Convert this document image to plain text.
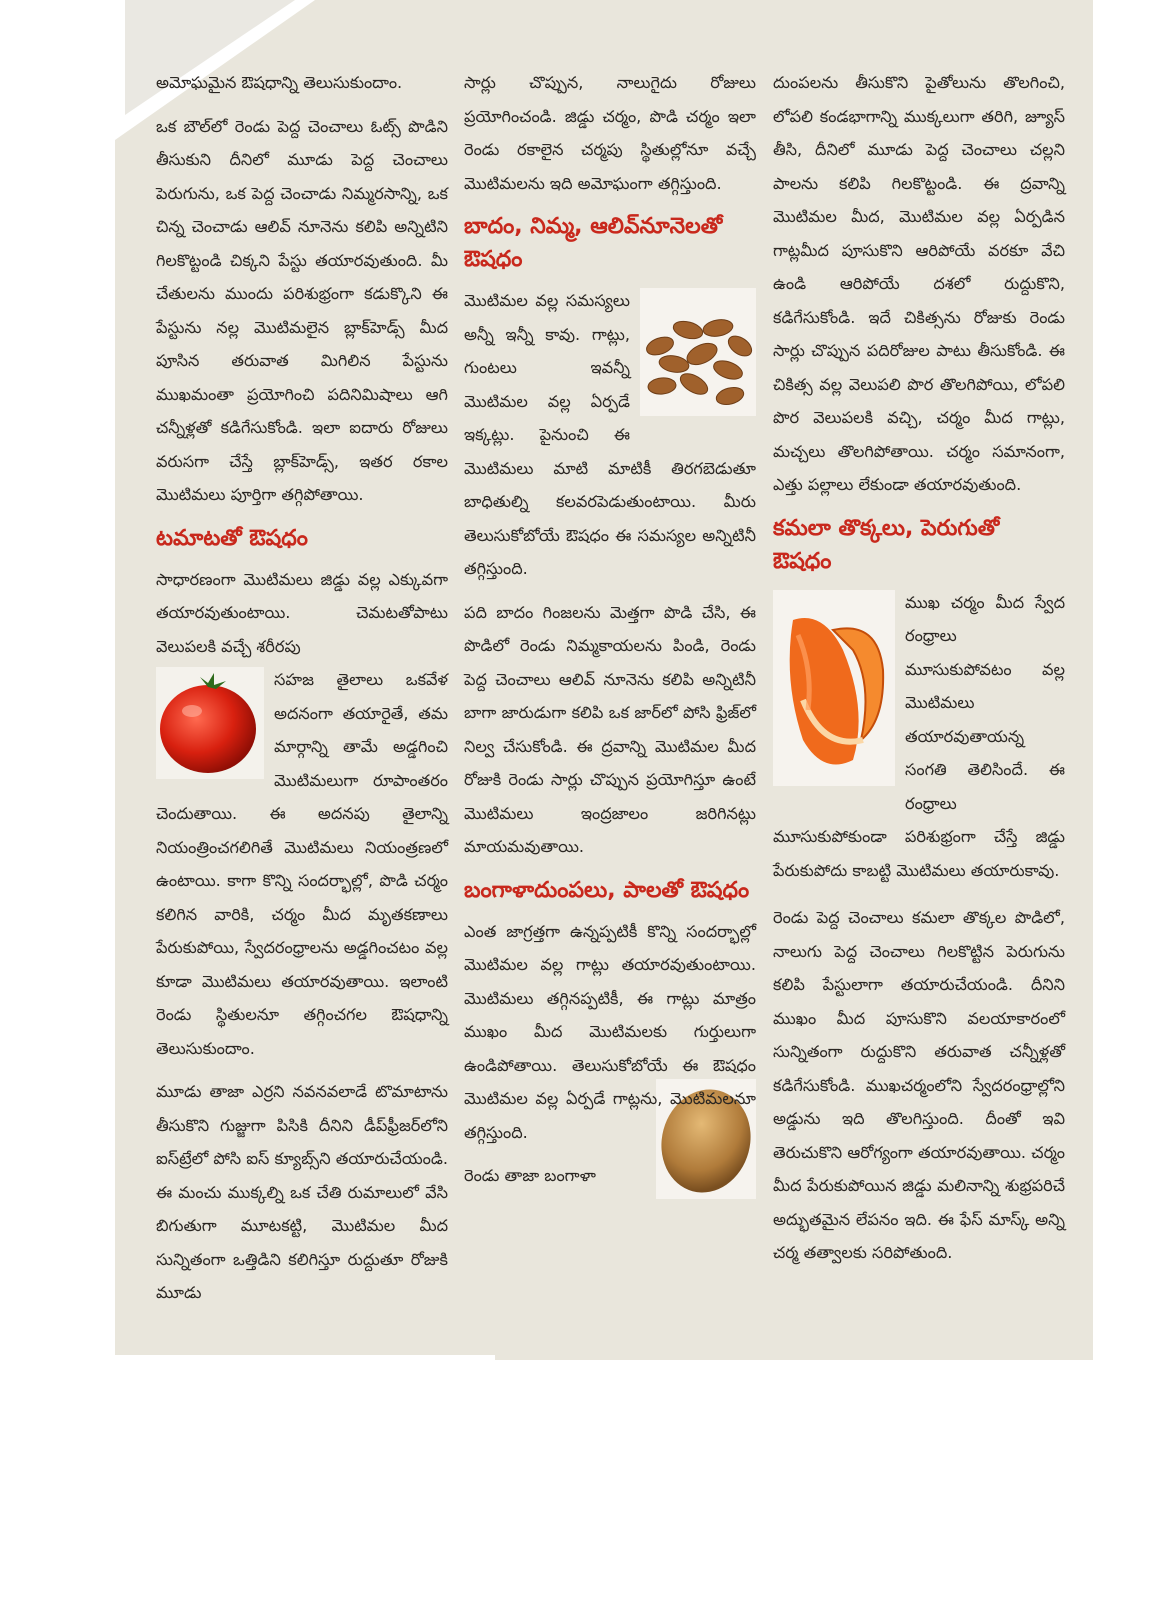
అమోఘమైన ఔషధాన్ని తెలుసుకుందాం.

ఒక బౌల్‌లో రెండు పెద్ద చెంచాలు ఓట్స్ పొడిని తీసుకుని దీనిలో మూడు పెద్ద చెంచాలు పెరుగును, ఒక పెద్ద చెంచాడు నిమ్మరసాన్ని, ఒక చిన్న చెంచాడు ఆలివ్ నూనెను కలిపి అన్నిటిని గిలకొట్టండి చిక్కని పేస్టు తయారవుతుంది. మీ చేతులను ముందు పరిశుభ్రంగా కడుక్కొని ఈ పేస్టును నల్ల మొటిమలైన బ్లాక్‌హెడ్స్ మీద పూసిన తరువాత మిగిలిన పేస్టును ముఖమంతా ప్రయోగించి పదినిమిషాలు ఆగి చన్నీళ్లతో కడిగేసుకోండి. ఇలా ఐదారు రోజులు వరుసగా చేస్తే బ్లాక్‌హెడ్స్, ఇతర రకాల మొటిమలు పూర్తిగా తగ్గిపోతాయి.

టమాటతో ఔషధం

సాధారణంగా మొటిమలు జిడ్డు వల్ల ఎక్కువగా తయారవుతుంటాయి. చెమటతోపాటు వెలుపలకి వచ్చే శరీరపు

సహజ తైలాలు ఒకవేళ అదనంగా తయారైతే, తమ మార్గాన్ని తామే అడ్డగించి మొటిమలుగా రూపాంతరం చెందుతాయి. ఈ అదనపు తైలాన్ని నియంత్రించగలిగితే మొటిమలు నియంత్రణలో ఉంటాయి. కాగా కొన్ని సందర్భాల్లో, పొడి చర్మం కలిగిన వారికి, చర్మం మీద మృతకణాలు పేరుకుపోయి, స్వేదరంధ్రాలను అడ్డగించటం వల్ల కూడా మొటిమలు తయారవుతాయి. ఇలాంటి రెండు స్థితులనూ తగ్గించగల ఔషధాన్ని తెలుసుకుందాం.

మూడు తాజా ఎర్రని నవనవలాడే టొమాటాను తీసుకొని గుజ్జుగా పిసికి దీనిని డీప్‌ఫ్రీజర్‌లోని ఐస్‌ట్రేలో పోసి ఐస్ క్యూబ్స్‌ని తయారుచేయండి. ఈ మంచు ముక్కల్ని ఒక చేతి రుమాలులో వేసి బిగుతుగా మూటకట్టి, మొటిమల మీద సున్నితంగా ఒత్తిడిని కలిగిస్తూ రుద్దుతూ రోజుకి మూడు

సార్లు చొప్పున, నాలుగైదు రోజులు ప్రయోగించండి. జిడ్డు చర్మం, పొడి చర్మం ఇలా రెండు రకాలైన చర్మపు స్థితుల్లోనూ వచ్చే మొటిమలను ఇది అమోఘంగా తగ్గిస్తుంది.

బాదం, నిమ్మ, ఆలివ్‌నూనెలతో ఔషధం

మొటిమల వల్ల సమస్యలు అన్నీ ఇన్నీ కావు. గాట్లు, గుంటలు ఇవన్నీ మొటిమల వల్ల ఏర్పడే ఇక్కట్లు. పైనుంచి ఈ మొటిమలు మాటి మాటికీ తిరగబెడుతూ బాధితుల్ని కలవరపెడుతుంటాయి. మీరు తెలుసుకోబోయే ఔషధం ఈ సమస్యల అన్నిటినీ తగ్గిస్తుంది.

పది బాదం గింజలను మెత్తగా పొడి చేసి, ఈ పొడిలో రెండు నిమ్మకాయలను పిండి, రెండు పెద్ద చెంచాలు ఆలివ్ నూనెను కలిపి అన్నిటినీ బాగా జారుడుగా కలిపి ఒక జార్‌లో పోసి ఫ్రిజ్‌లో నిల్వ చేసుకోండి. ఈ ద్రవాన్ని మొటిమల మీద రోజుకి రెండు సార్లు చొప్పున ప్రయోగిస్తూ ఉంటే మొటిమలు ఇంద్రజాలం జరిగినట్లు మాయమవుతాయి.

బంగాళాదుంపలు, పాలతో ఔషధం

ఎంత జాగ్రత్తగా ఉన్నప్పటికీ కొన్ని సందర్భాల్లో మొటిమల వల్ల గాట్లు తయారవుతుంటాయి. మొటిమలు తగ్గినప్పటికీ, ఈ గాట్లు మాత్రం ముఖం మీద మొటిమలకు గుర్తులుగా ఉండిపోతాయి. తెలుసుకోబోయే ఈ ఔషధం మొటిమల వల్ల ఏర్పడే గాట్లను, మొటిమలనూ తగ్గిస్తుంది.

రెండు తాజా బంగాళా

దుంపలను తీసుకొని పైతోలును తొలగించి, లోపలి కండభాగాన్ని ముక్కలుగా తరిగి, జ్యూస్ తీసి, దీనిలో మూడు పెద్ద చెంచాలు చల్లని పాలను కలిపి గిలకొట్టండి. ఈ ద్రవాన్ని మొటిమల మీద, మొటిమల వల్ల ఏర్పడిన గాట్లమీద పూసుకొని ఆరిపోయే వరకూ వేచి ఉండి ఆరిపోయే దశలో రుద్దుకొని, కడిగేసుకోండి. ఇదే చికిత్సను రోజుకు రెండు సార్లు చొప్పున పదిరోజుల పాటు తీసుకోండి. ఈ చికిత్స వల్ల వెలుపలి పొర తొలగిపోయి, లోపలి పొర వెలుపలకి వచ్చి, చర్మం మీద గాట్లు, మచ్చలు తొలగిపోతాయి. చర్మం సమానంగా, ఎత్తు పల్లాలు లేకుండా తయారవుతుంది.

కమలా తొక్కలు, పెరుగుతో ఔషధం

ముఖ చర్మం మీద స్వేద రంధ్రాలు మూసుకుపోవటం వల్ల మొటిమలు తయారవుతాయన్న సంగతి తెలిసిందే. ఈ రంధ్రాలు మూసుకుపోకుండా పరిశుభ్రంగా చేస్తే జిడ్డు పేరుకుపోదు కాబట్టి మొటిమలు తయారుకావు.

రెండు పెద్ద చెంచాలు కమలా తొక్కల పొడిలో, నాలుగు పెద్ద చెంచాలు గిలకొట్టిన పెరుగును కలిపి పేస్టులాగా తయారుచేయండి. దీనిని ముఖం మీద పూసుకొని వలయాకారంలో సున్నితంగా రుద్దుకొని తరువాత చన్నీళ్లతో కడిగేసుకోండి. ముఖచర్మంలోని స్వేదరంధ్రాల్లోని అడ్డును ఇది తొలగిస్తుంది. దీంతో ఇవి తెరుచుకొని ఆరోగ్యంగా తయారవుతాయి. చర్మం మీద పేరుకుపోయిన జిడ్డు మలినాన్ని శుభ్రపరిచే అద్భుతమైన లేపనం ఇది. ఈ ఫేస్ మాస్క్ అన్ని చర్మ తత్వాలకు సరిపోతుంది.
